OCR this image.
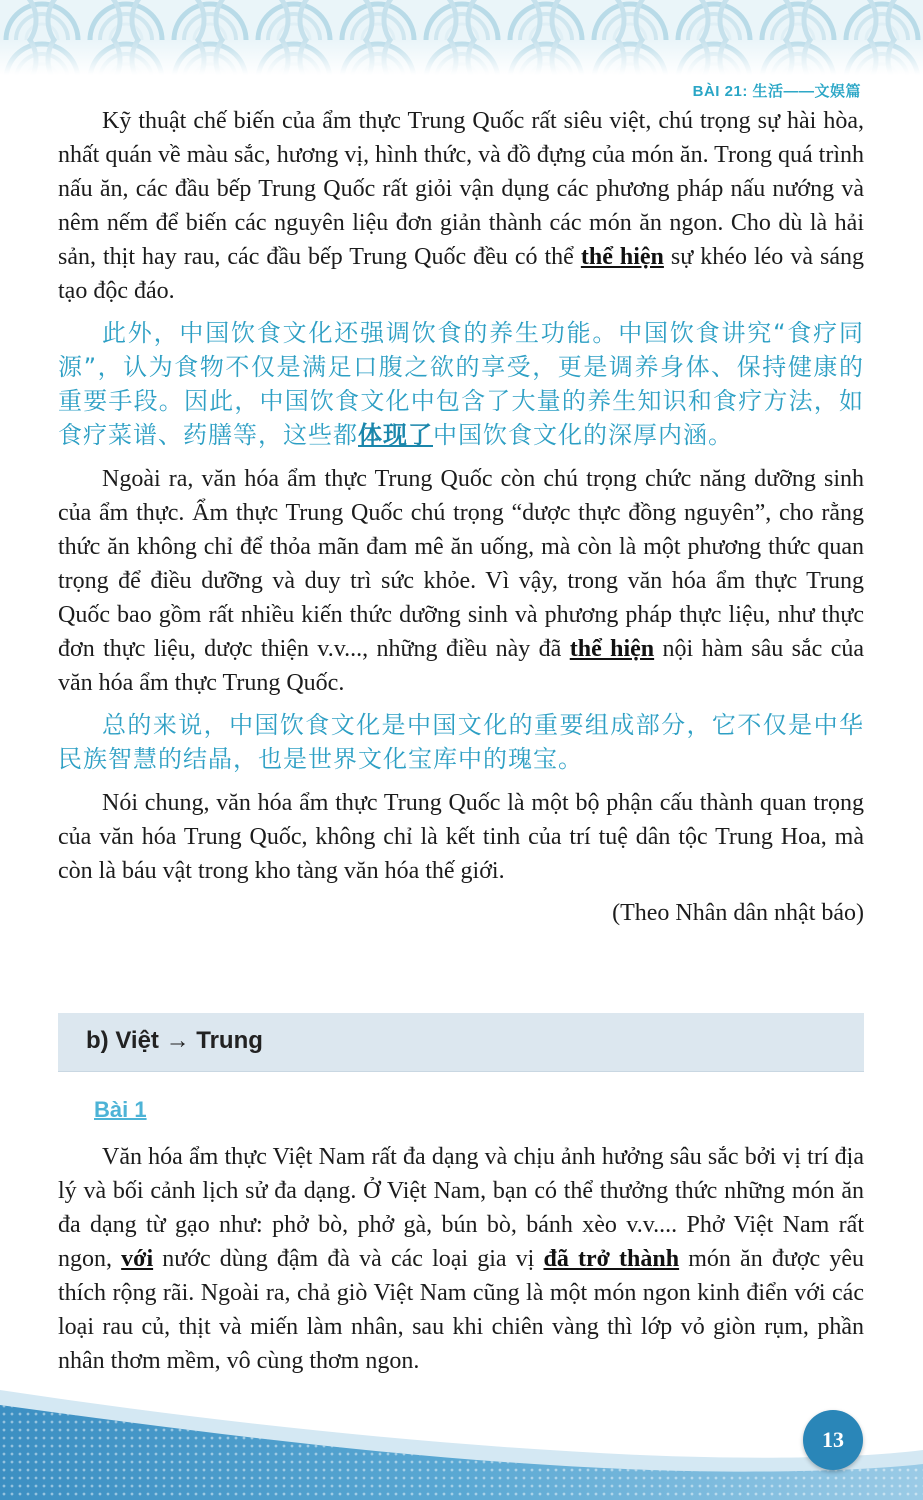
BÀI 21: 生活——文娱篇

Kỹ thuật chế biến của ẩm thực Trung Quốc rất siêu việt, chú trọng sự hài hòa, nhất quán về màu sắc, hương vị, hình thức, và đồ đựng của món ăn. Trong quá trình nấu ăn, các đầu bếp Trung Quốc rất giỏi vận dụng các phương pháp nấu nướng và nêm nếm để biến các nguyên liệu đơn giản thành các món ăn ngon. Cho dù là hải sản, thịt hay rau, các đầu bếp Trung Quốc đều có thể thể hiện sự khéo léo và sáng tạo độc đáo.

此外，中国饮食文化还强调饮食的养生功能。中国饮食讲究“食疗同源”，认为食物不仅是满足口腹之欲的享受，更是调养身体、保持健康的重要手段。因此，中国饮食文化中包含了大量的养生知识和食疗方法，如食疗菜谱、药膳等，这些都体现了中国饮食文化的深厚内涵。

Ngoài ra, văn hóa ẩm thực Trung Quốc còn chú trọng chức năng dưỡng sinh của ẩm thực. Ẩm thực Trung Quốc chú trọng “dược thực đồng nguyên”, cho rằng thức ăn không chỉ để thỏa mãn đam mê ăn uống, mà còn là một phương thức quan trọng để điều dưỡng và duy trì sức khỏe. Vì vậy, trong văn hóa ẩm thực Trung Quốc bao gồm rất nhiều kiến thức dưỡng sinh và phương pháp thực liệu, như thực đơn thực liệu, dược thiện v.v..., những điều này đã thể hiện nội hàm sâu sắc của văn hóa ẩm thực Trung Quốc.

总的来说，中国饮食文化是中国文化的重要组成部分，它不仅是中华民族智慧的结晶，也是世界文化宝库中的瑰宝。

Nói chung, văn hóa ẩm thực Trung Quốc là một bộ phận cấu thành quan trọng của văn hóa Trung Quốc, không chỉ là kết tinh của trí tuệ dân tộc Trung Hoa, mà còn là báu vật trong kho tàng văn hóa thế giới.

(Theo Nhân dân nhật báo)

b) Việt → Trung
Bài 1

Văn hóa ẩm thực Việt Nam rất đa dạng và chịu ảnh hưởng sâu sắc bởi vị trí địa lý và bối cảnh lịch sử đa dạng. Ở Việt Nam, bạn có thể thưởng thức những món ăn đa dạng từ gạo như: phở bò, phở gà, bún bò, bánh xèo v.v.... Phở Việt Nam rất ngon, với nước dùng đậm đà và các loại gia vị đã trở thành món ăn được yêu thích rộng rãi. Ngoài ra, chả giò Việt Nam cũng là một món ngon kinh điển với các loại rau củ, thịt và miến làm nhân, sau khi chiên vàng thì lớp vỏ giòn rụm, phần nhân thơm mềm, vô cùng thơm ngon.

13
